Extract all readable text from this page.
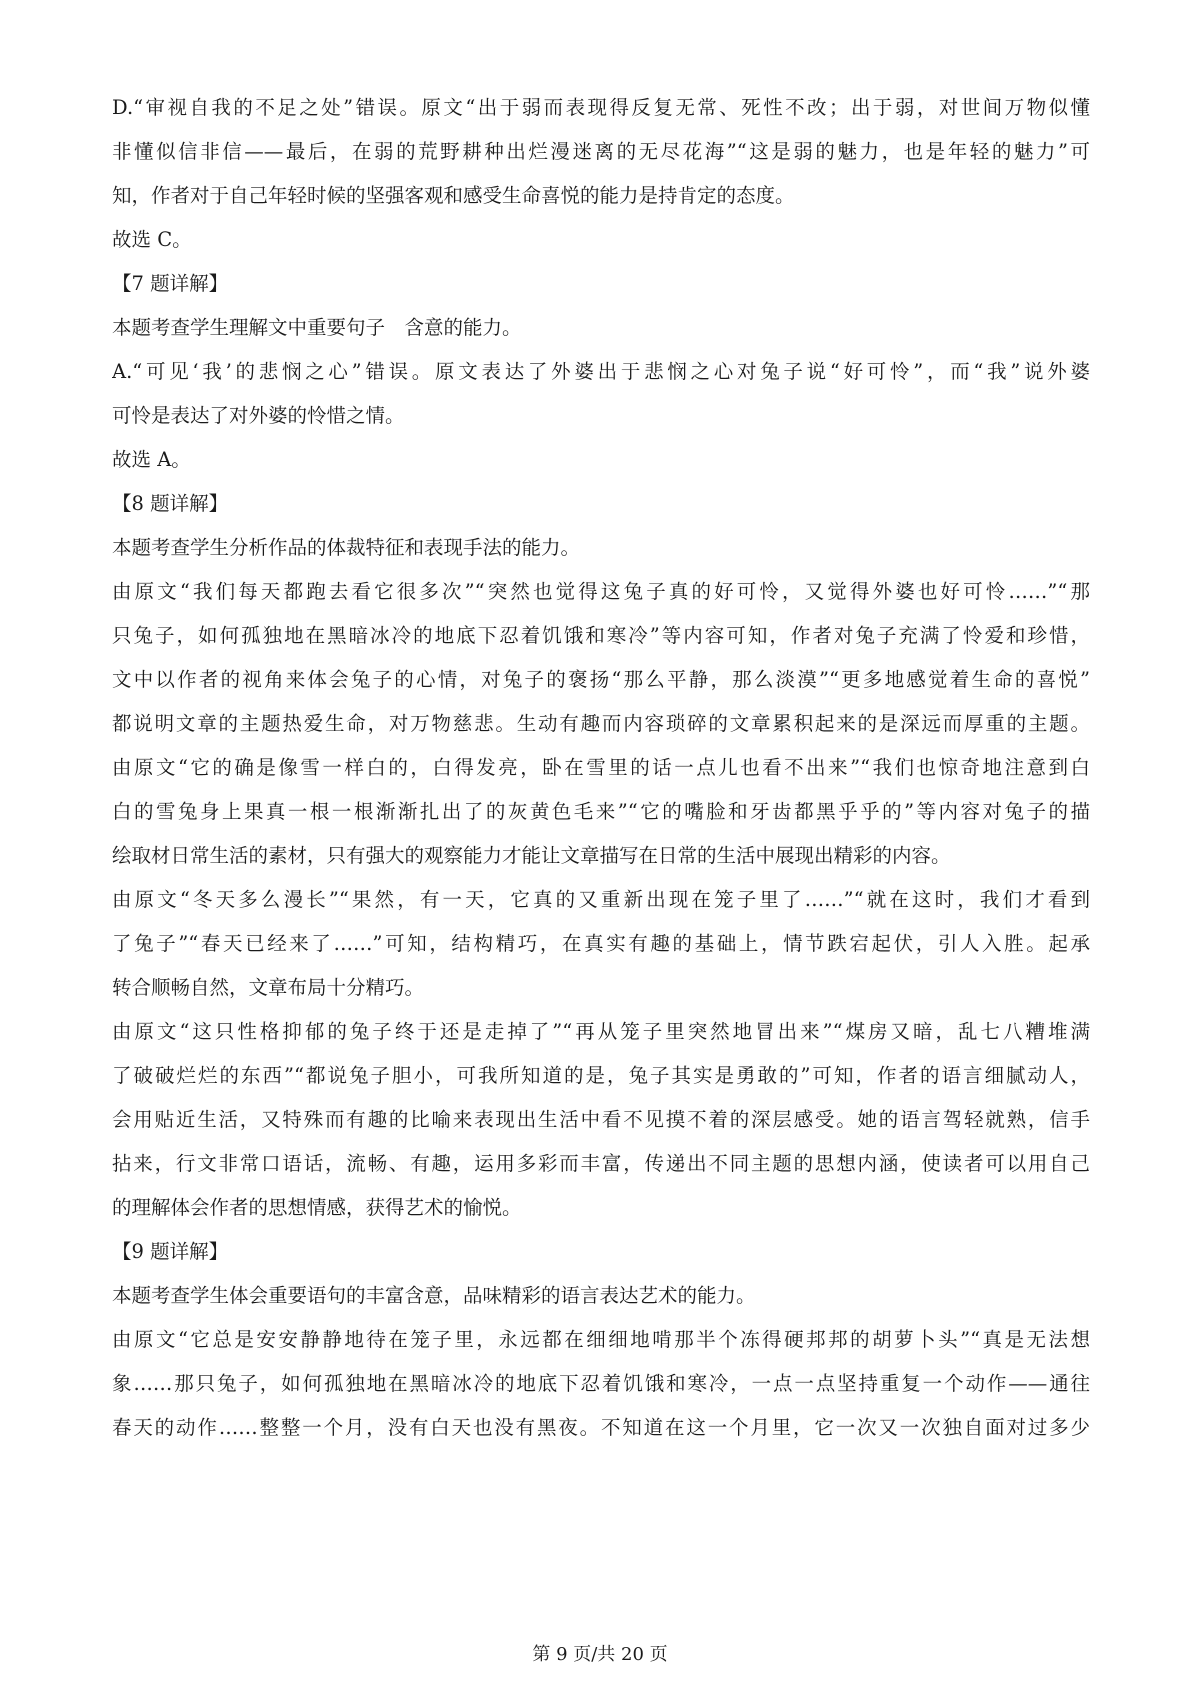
D.“审视自我的不足之处”错误。原文“出于弱而表现得反复无常、死性不改；出于弱，对世间万物似懂
非懂似信非信——最后，在弱的荒野耕种出烂漫迷离的无尽花海”“这是弱的魅力，也是年轻的魅力”可
知，作者对于自己年轻时候的坚强客观和感受生命喜悦的能力是持肯定的态度。
故选 C。
【7 题详解】
本题考查学生理解文中重要句子　含意的能力。
A.“可见‘我’的悲悯之心”错误。原文表达了外婆出于悲悯之心对兔子说“好可怜”，而“我”说外婆
可怜是表达了对外婆的怜惜之情。
故选 A。
【8 题详解】
本题考查学生分析作品的体裁特征和表现手法的能力。
由原文“我们每天都跑去看它很多次”“突然也觉得这兔子真的好可怜，又觉得外婆也好可怜……”“那
只兔子，如何孤独地在黑暗冰冷的地底下忍着饥饿和寒冷”等内容可知，作者对兔子充满了怜爱和珍惜，
文中以作者的视角来体会兔子的心情，对兔子的褒扬“那么平静，那么淡漠”“更多地感觉着生命的喜悦”
都说明文章的主题热爱生命，对万物慈悲。生动有趣而内容琐碎的文章累积起来的是深远而厚重的主题。
由原文“它的确是像雪一样白的，白得发亮，卧在雪里的话一点儿也看不出来”“我们也惊奇地注意到白
白的雪兔身上果真一根一根渐渐扎出了的灰黄色毛来”“它的嘴脸和牙齿都黑乎乎的”等内容对兔子的描
绘取材日常生活的素材，只有强大的观察能力才能让文章描写在日常的生活中展现出精彩的内容。
由原文“冬天多么漫长”“果然，有一天，它真的又重新出现在笼子里了……”“就在这时，我们才看到
了兔子”“春天已经来了……”可知，结构精巧，在真实有趣的基础上，情节跌宕起伏，引人入胜。起承
转合顺畅自然，文章布局十分精巧。
由原文“这只性格抑郁的兔子终于还是走掉了”“再从笼子里突然地冒出来”“煤房又暗，乱七八糟堆满
了破破烂烂的东西”“都说兔子胆小，可我所知道的是，兔子其实是勇敢的”可知，作者的语言细腻动人，
会用贴近生活，又特殊而有趣的比喻来表现出生活中看不见摸不着的深层感受。她的语言驾轻就熟，信手
拈来，行文非常口语话，流畅、有趣，运用多彩而丰富，传递出不同主题的思想内涵，使读者可以用自己
的理解体会作者的思想情感，获得艺术的愉悦。
【9 题详解】
本题考查学生体会重要语句的丰富含意，品味精彩的语言表达艺术的能力。
由原文“它总是安安静静地待在笼子里，永远都在细细地啃那半个冻得硬邦邦的胡萝卜头”“真是无法想
象……那只兔子，如何孤独地在黑暗冰冷的地底下忍着饥饿和寒冷，一点一点坚持重复一个动作——通往
春天的动作……整整一个月，没有白天也没有黑夜。不知道在这一个月里，它一次又一次独自面对过多少
第 9 页/共 20 页
